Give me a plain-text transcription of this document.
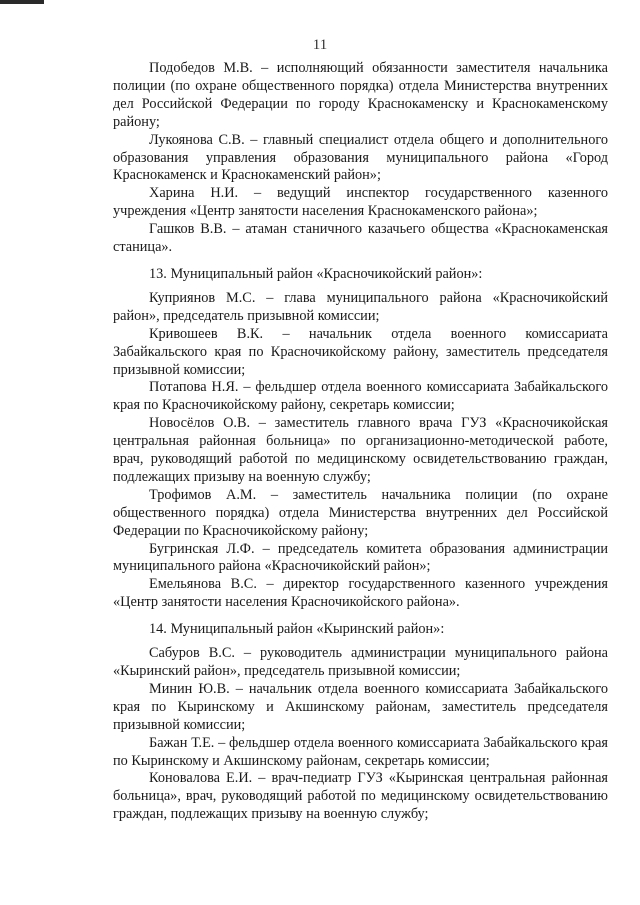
11

Подобедов М.В. – исполняющий обязанности заместителя начальника полиции (по охране общественного порядка) отдела Министерства внутренних дел Российской Федерации по городу Краснокаменску и Краснокаменскому району;

Лукоянова С.В. – главный специалист отдела общего и дополнительного образования управления образования муниципального района «Город Краснокаменск и Краснокаменский район»;

Харина Н.И. – ведущий инспектор государственного казенного учреждения «Центр занятости населения Краснокаменского района»;

Гашков В.В. – атаман станичного казачьего общества «Краснокаменская станица».

13. Муниципальный район «Красночикойский район»:

Куприянов М.С. – глава муниципального района «Красночикойский район», председатель призывной комиссии;

Кривошеев В.К. – начальник отдела военного комиссариата Забайкальского края по Красночикойскому району, заместитель председателя призывной комиссии;

Потапова Н.Я. – фельдшер отдела военного комиссариата Забайкальского края по Красночикойскому району, секретарь комиссии;

Новосёлов О.В. – заместитель главного врача ГУЗ «Красночикойская центральная районная больница» по организационно-методической работе, врач, руководящий работой по медицинскому освидетельствованию граждан, подлежащих призыву на военную службу;

Трофимов А.М. – заместитель начальника полиции (по охране общественного порядка) отдела Министерства внутренних дел Российской Федерации по Красночикойскому району;

Бугринская Л.Ф. – председатель комитета образования администрации муниципального района «Красночикойский район»;

Емельянова В.С. – директор государственного казенного учреждения «Центр занятости населения Красночикойского района».

14. Муниципальный район «Кыринский район»:

Сабуров В.С. – руководитель администрации муниципального района «Кыринский район», председатель призывной комиссии;

Минин Ю.В. – начальник отдела военного комиссариата Забайкальского края по Кыринскому и Акшинскому районам, заместитель председателя призывной комиссии;

Бажан Т.Е. – фельдшер отдела военного комиссариата Забайкальского края по Кыринскому и Акшинскому районам, секретарь комиссии;

Коновалова Е.И. – врач-педиатр ГУЗ «Кыринская центральная районная больница», врач, руководящий работой по медицинскому освидетельствованию граждан, подлежащих призыву на военную службу;
